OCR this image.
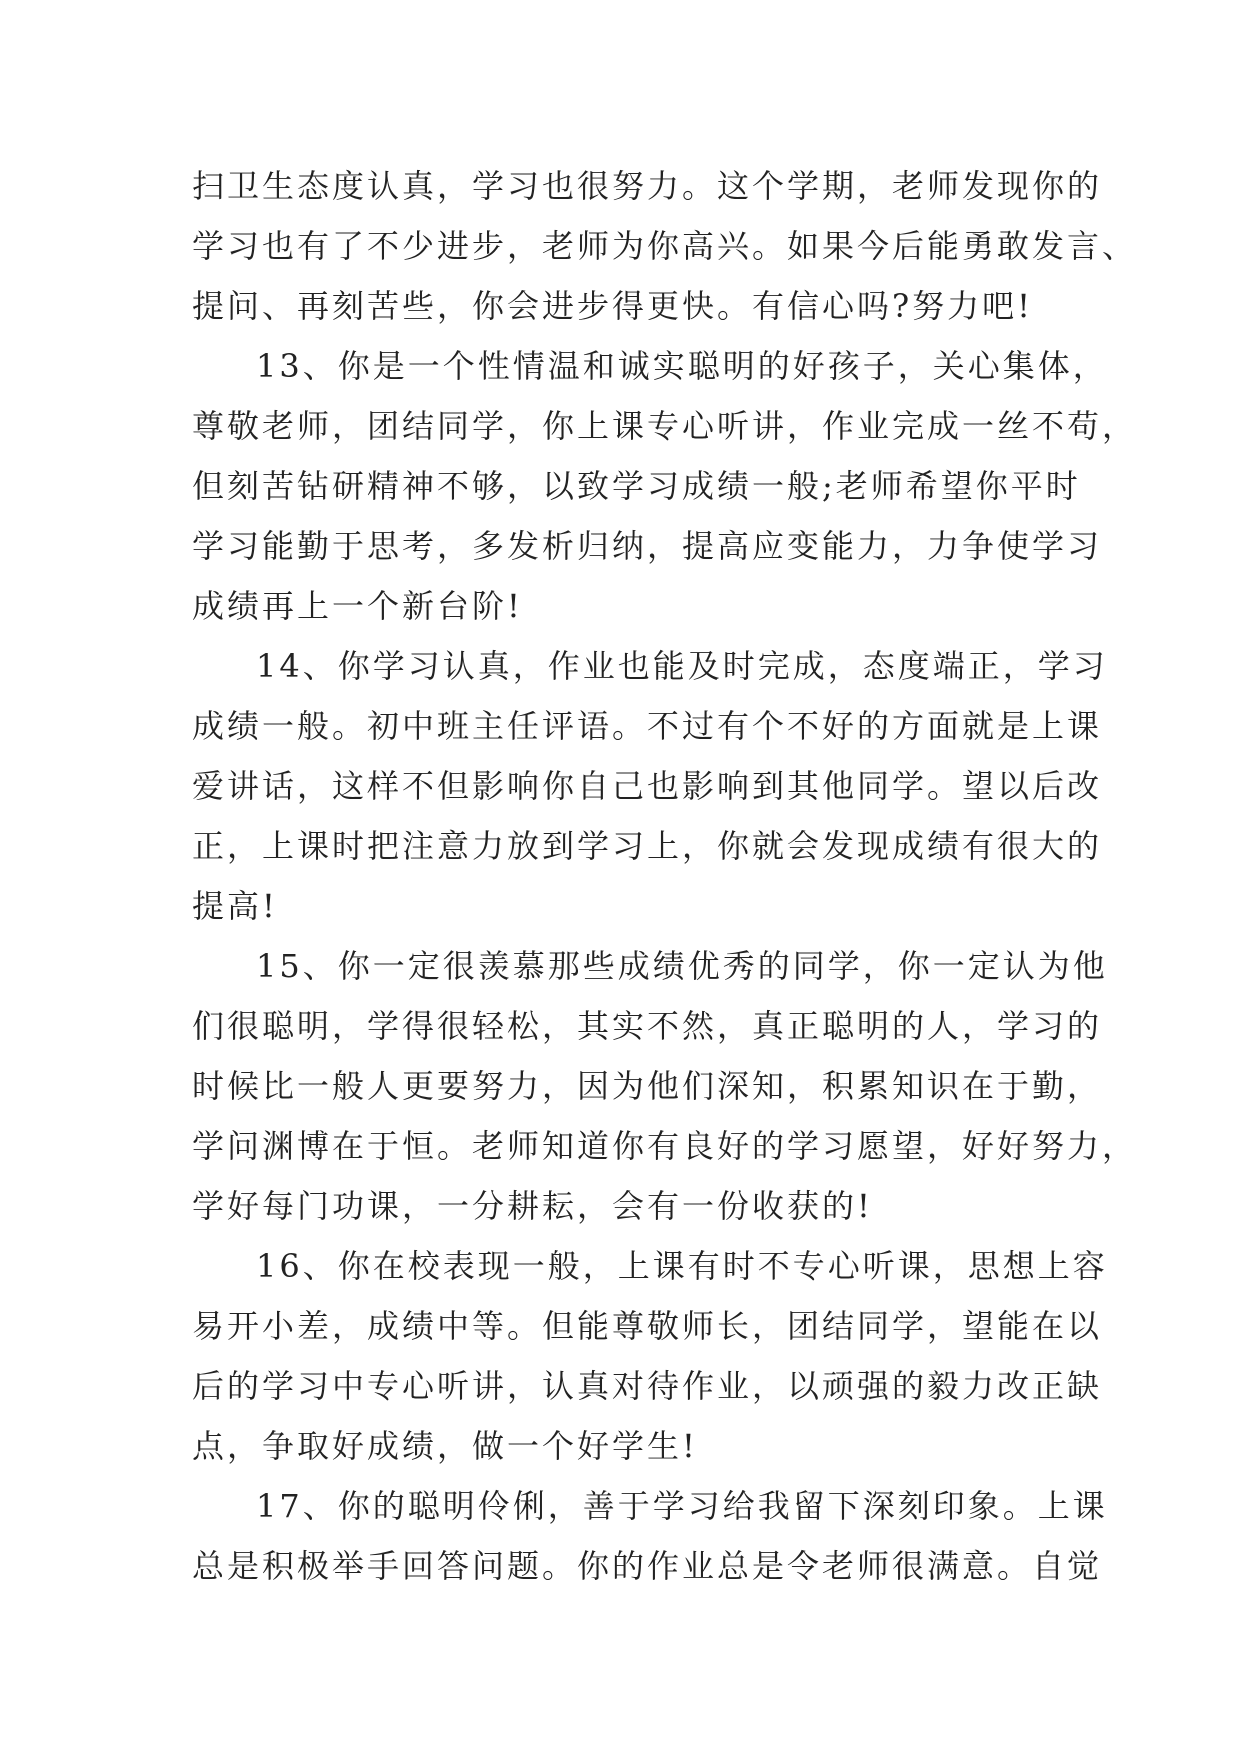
扫卫生态度认真，学习也很努力。这个学期，老师发现你的
学习也有了不少进步，老师为你高兴。如果今后能勇敢发言、
提问、再刻苦些，你会进步得更快。有信心吗?努力吧!
13、你是一个性情温和诚实聪明的好孩子，关心集体，
尊敬老师，团结同学，你上课专心听讲，作业完成一丝不苟，
但刻苦钻研精神不够，以致学习成绩一般;老师希望你平时
学习能勤于思考，多发析归纳，提高应变能力，力争使学习
成绩再上一个新台阶!
14、你学习认真，作业也能及时完成，态度端正，学习
成绩一般。初中班主任评语。不过有个不好的方面就是上课
爱讲话，这样不但影响你自己也影响到其他同学。望以后改
正，上课时把注意力放到学习上，你就会发现成绩有很大的
提高!
15、你一定很羡慕那些成绩优秀的同学，你一定认为他
们很聪明，学得很轻松，其实不然，真正聪明的人，学习的
时候比一般人更要努力，因为他们深知，积累知识在于勤，
学问渊博在于恒。老师知道你有良好的学习愿望，好好努力，
学好每门功课，一分耕耘，会有一份收获的!
16、你在校表现一般，上课有时不专心听课，思想上容
易开小差，成绩中等。但能尊敬师长，团结同学，望能在以
后的学习中专心听讲，认真对待作业，以顽强的毅力改正缺
点，争取好成绩，做一个好学生!
17、你的聪明伶俐，善于学习给我留下深刻印象。上课
总是积极举手回答问题。你的作业总是令老师很满意。自觉
